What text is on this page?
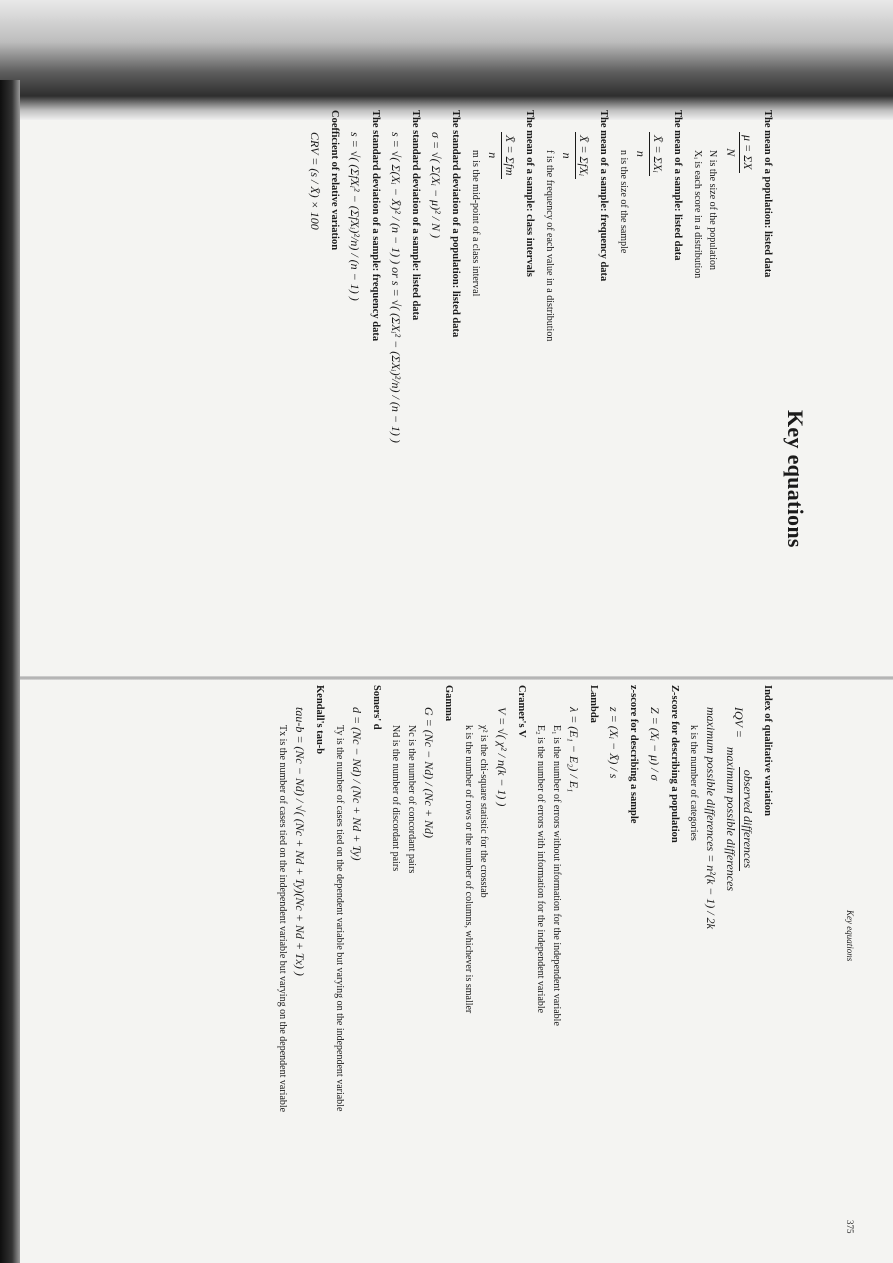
Key equations
Key equations
375
The mean of a population: listed data
μ = ΣX
N
N is the size of the population
Xᵢ is each score in a distribution
The mean of a sample: listed data
X̄ = ΣXᵢ
n
n is the size of the sample
The mean of a sample: frequency data
X̄ = ΣfXᵢ
n
f is the frequency of each value in a distribution
The mean of a sample: class intervals
X̄ = Σfm
n
m is the mid-point of a class interval
The standard deviation of a population: listed data
σ = √( Σ(Xᵢ − μ)² / N )
The standard deviation of a sample: listed data
s = √( Σ(Xᵢ − X̄)² / (n − 1) ) or s = √( (ΣXᵢ² − (ΣXᵢ)²/n) / (n − 1) )
The standard deviation of a sample: frequency data
s = √( (ΣfXᵢ² − (ΣfXᵢ)²/n) / (n − 1) )
Coefficient of relative variation
CRV = (s / X̄) × 100
Index of qualitative variation
IQV =
observed differences
maximum possible differences
maximum possible differences = n²(k − 1) / 2k
k is the number of categories
Z-score for describing a population
Z = (Xᵢ − μ) / σ
z-score for describing a sample
z = (Xᵢ − X̄) / s
Lambda
λ = (E₁ − E₂) / E₁
E₁ is the number of errors without information for the independent variable
E₂ is the number of errors with information for the independent variable
Cramer's V
V = √( χ² / n(k − 1) )
χ² is the chi-square statistic for the crosstab
k is the number of rows or the number of columns, whichever is smaller
Gamma
G = (Nc − Nd) / (Nc + Nd)
Nc is the number of concordant pairs
Nd is the number of discordant pairs
Somers' d
d = (Nc − Nd) / (Nc + Nd + Ty)
Ty is the number of cases tied on the dependent variable but varying on the independent variable
Kendall's tau-b
tau-b = (Nc − Nd) / √( (Nc + Nd + Ty)(Nc + Nd + Tx) )
Tx is the number of cases tied on the independent variable but varying on the dependent variable
